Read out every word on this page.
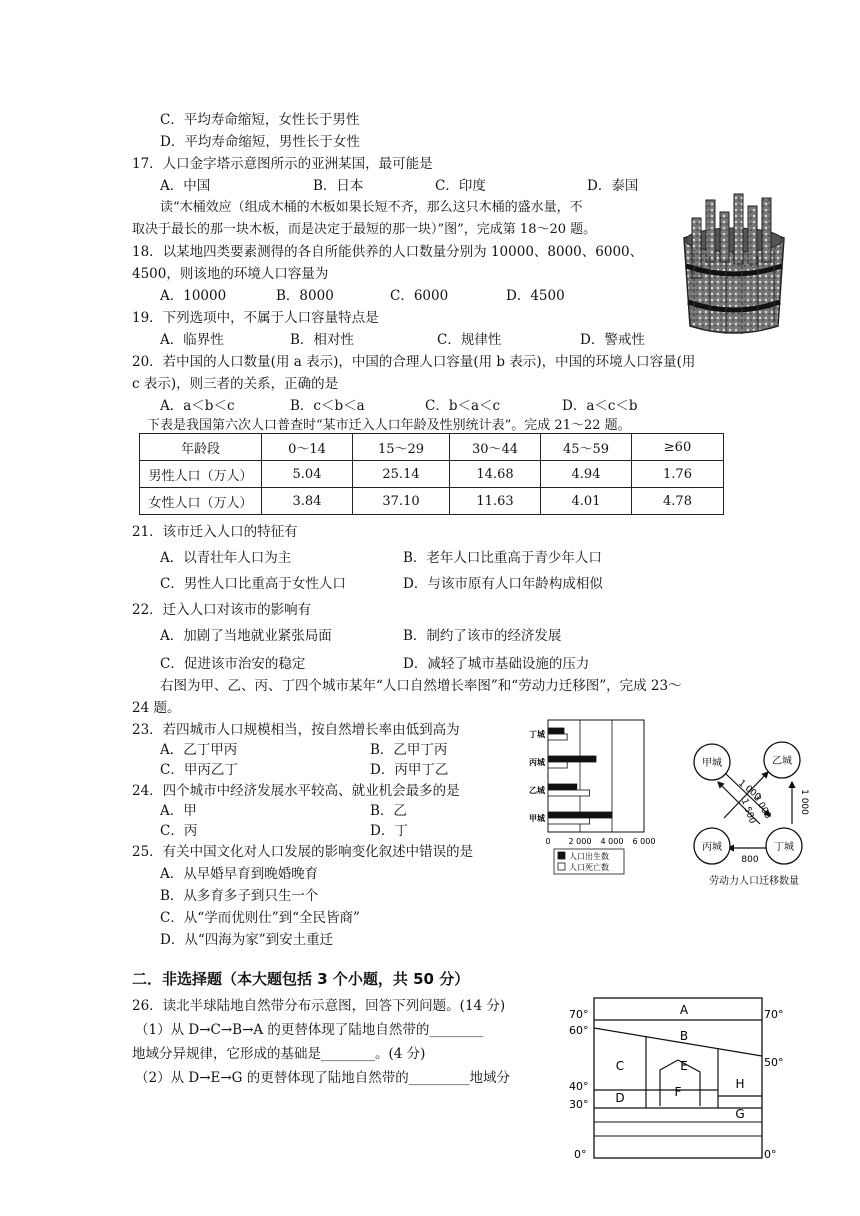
C．平均寿命缩短，女性长于男性
D．平均寿命缩短，男性长于女性
17．人口金字塔示意图所示的亚洲某国，最可能是
A．中国	B．日本	C．印度	D．泰国
读“木桶效应（组成木桶的木板如果长短不齐，那么这只木桶的盛水量，不
取决于最长的那一块木板，而是决定于最短的那一块）”图”，完成第 18～20 题。
18．以某地四类要素测得的各自所能供养的人口数量分别为 10000、8000、6000、
4500，则该地的环境人口容量为
A．10000	B．8000	C．6000	D．4500
19．下列选项中，不属于人口容量特点是
A．临界性	B．相对性	C．规律性	D．警戒性
20．若中国的人口数量(用 a 表示)，中国的合理人口容量(用 b 表示)，中国的环境人口容量(用
c 表示)，则三者的关系，正确的是
A．a＜b＜c	B．c＜b＜a	C．b＜a＜c	D．a＜c＜b
下表是我国第六次人口普查时“某市迁入人口年龄及性别统计表”。完成 21～22 题。
年龄段	0～14	15～29	30～44	45～59	≥60
男性人口（万人）	5.04	25.14	14.68	4.94	1.76
女性人口（万人）	3.84	37.10	11.63	4.01	4.78
21．该市迁入人口的特征有
A．以青壮年人口为主	B．老年人口比重高于青少年人口
C．男性人口比重高于女性人口	D．与该市原有人口年龄构成相似
22．迁入人口对该市的影响有
A．加剧了当地就业紧张局面	B．制约了该市的经济发展
C．促进该市治安的稳定	D．减轻了城市基础设施的压力
右图为甲、乙、丙、丁四个城市某年“人口自然增长率图”和“劳动力迁移图”，完成 23～
24 题。
23．若四城市人口规模相当，按自然增长率由低到高为
A．乙丁甲丙	B．乙甲丁丙
C．甲丙乙丁	D．丙甲丁乙
24．四个城市中经济发展水平较高、就业机会最多的是
A．甲	B．乙
C．丙	D．丁
25．有关中国文化对人口发展的影响变化叙述中错误的是
A．从早婚早育到晚婚晚育
B．从多育多子到只生一个
C．从“学而优则仕”到“全民皆商”
D．从“四海为家”到安土重迁
0 2 000 4 000 6 000
丁城
丙城
乙城
甲城
人口出生数
人口死亡数
甲城	乙城
丙城	丁城
1 000
1 500
3 000	1 000
800
劳动力人口迁移数量
二．非选择题（本大题包括 3 个小题，共 50 分）
26．读北半球陆地自然带分布示意图，回答下列问题。(14 分)
（1）从 D→C→B→A 的更替体现了陆地自然带的________
地域分异规律，它形成的基础是________。(4 分)
（2）从 D→E→G 的更替体现了陆地自然带的_________地域分
70°
60°
40°
30°
0°
70°
50°
0°
A
B
C
D
E
F
G
H
